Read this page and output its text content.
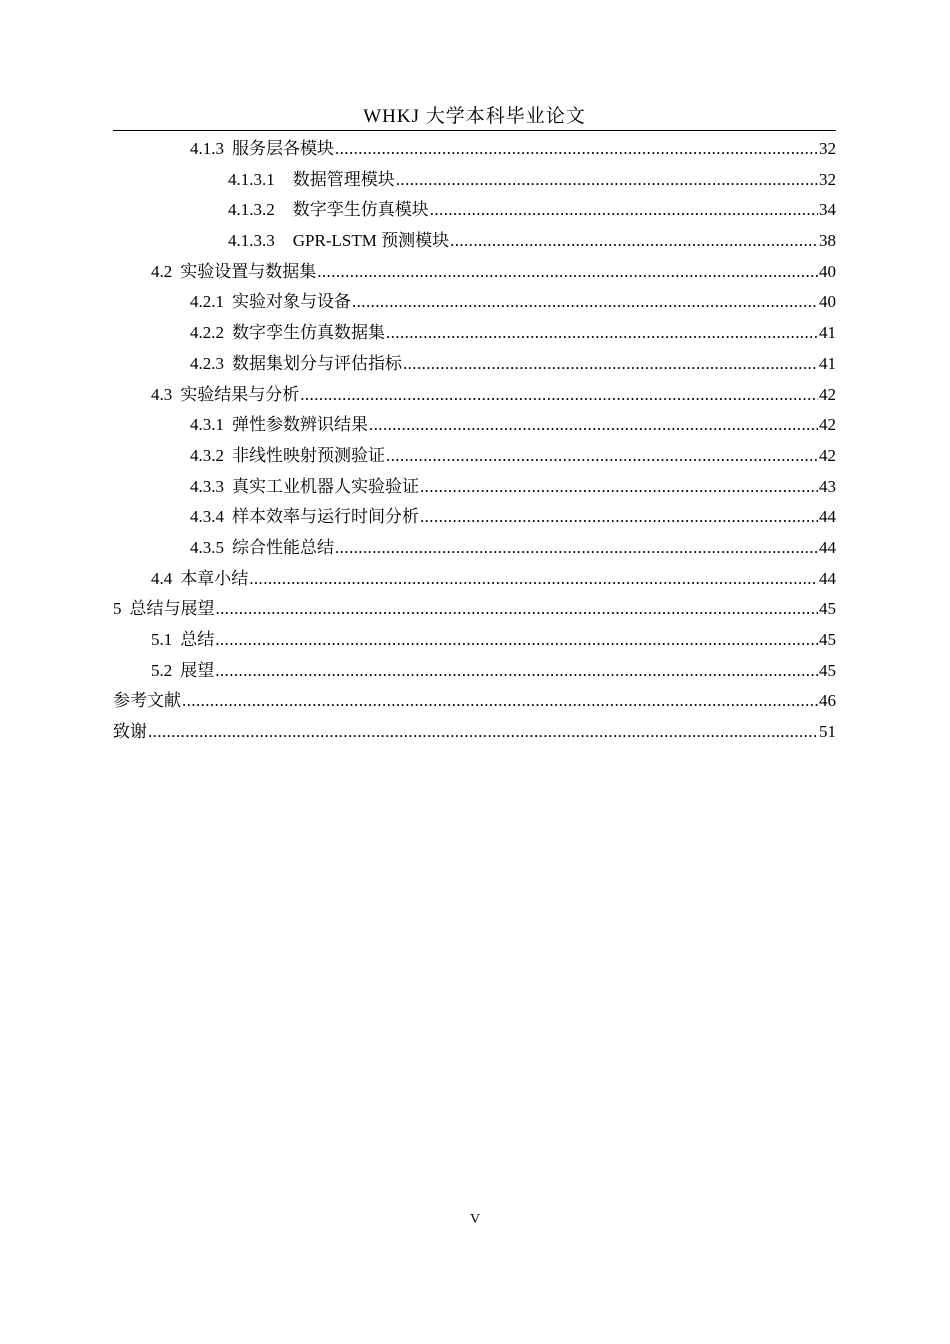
WHKJ 大学本科毕业论文
4.1.3 服务层各模块 .....	32
4.1.3.1 数据管理模块 .....	32
4.1.3.2 数字孪生仿真模块 .....	34
4.1.3.3 GPR-LSTM 预测模块 .....	38
4.2 实验设置与数据集 .....	40
4.2.1 实验对象与设备 .....	40
4.2.2 数字孪生仿真数据集 .....	41
4.2.3 数据集划分与评估指标 .....	41
4.3 实验结果与分析 .....	42
4.3.1 弹性参数辨识结果 .....	42
4.3.2 非线性映射预测验证 .....	42
4.3.3 真实工业机器人实验验证 .....	43
4.3.4 样本效率与运行时间分析 .....	44
4.3.5 综合性能总结 .....	44
4.4 本章小结 .....	44
5 总结与展望 .....	45
5.1 总结 .....	45
5.2 展望 .....	45
参考文献 .....	46
致谢 .....	51
V
